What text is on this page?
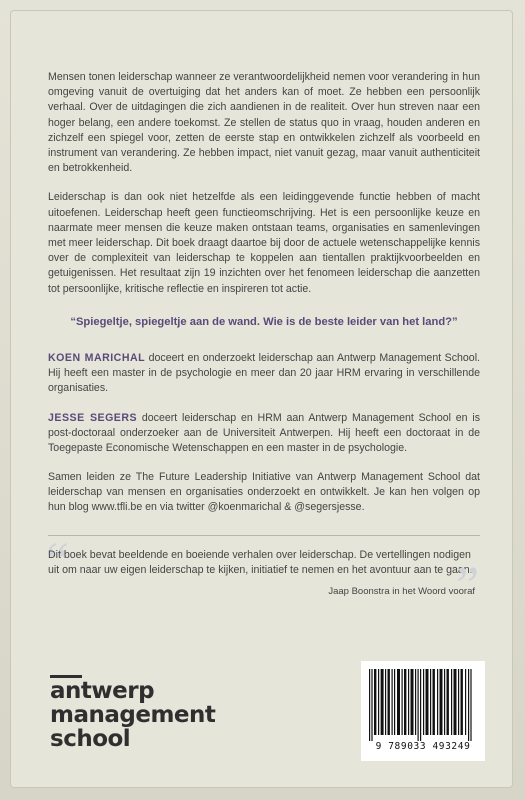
Mensen tonen leiderschap wanneer ze verantwoordelijkheid nemen voor verandering in hun omgeving vanuit de overtuiging dat het anders kan of moet. Ze hebben een persoonlijk verhaal. Over de uitdagingen die zich aandienen in de realiteit. Over hun streven naar een hoger belang, een andere toekomst. Ze stellen de status quo in vraag, houden anderen en zichzelf een spiegel voor, zetten de eerste stap en ontwikkelen zichzelf als voorbeeld en instrument van verandering. Ze hebben impact, niet vanuit gezag, maar vanuit authenticiteit en betrokkenheid.

Leiderschap is dan ook niet hetzelfde als een leidinggevende functie hebben of macht uitoefenen. Leiderschap heeft geen functieomschrijving. Het is een persoonlijke keuze en naarmate meer mensen die keuze maken ontstaan teams, organisaties en samenlevingen met meer leiderschap. Dit boek draagt daartoe bij door de actuele wetenschappelijke kennis over de complexiteit van leiderschap te koppelen aan tientallen praktijkvoorbeelden en getuigenissen. Het resultaat zijn 19 inzichten over het fenomeen leiderschap die aanzetten tot persoonlijke, kritische reflectie en inspireren tot actie.

“Spiegeltje, spiegeltje aan de wand. Wie is de beste leider van het land?”
KOEN MARICHAL doceert en onderzoekt leiderschap aan Antwerp Management School. Hij heeft een master in de psychologie en meer dan 20 jaar HRM ervaring in verschillende organisaties.
JESSE SEGERS doceert leiderschap en HRM aan Antwerp Management School en is post-doctoraal onderzoeker aan de Universiteit Antwerpen. Hij heeft een doctoraat in de Toegepaste Economische Wetenschappen en een master in de psychologie.
Samen leiden ze The Future Leadership Initiative van Antwerp Management School dat leiderschap van mensen en organisaties onderzoekt en ontwikkelt. Je kan hen volgen op hun blog www.tfli.be en via twitter @koenmarichal & @segersjesse.
“
Dit boek bevat beeldende en boeiende verhalen over leiderschap. De vertellingen nodigen uit om naar uw eigen leiderschap te kijken, initiatief te nemen en het avontuur aan te gaan.
”
Jaap Boonstra in het Woord vooraf
antwerp
management school	9 789033 493249
